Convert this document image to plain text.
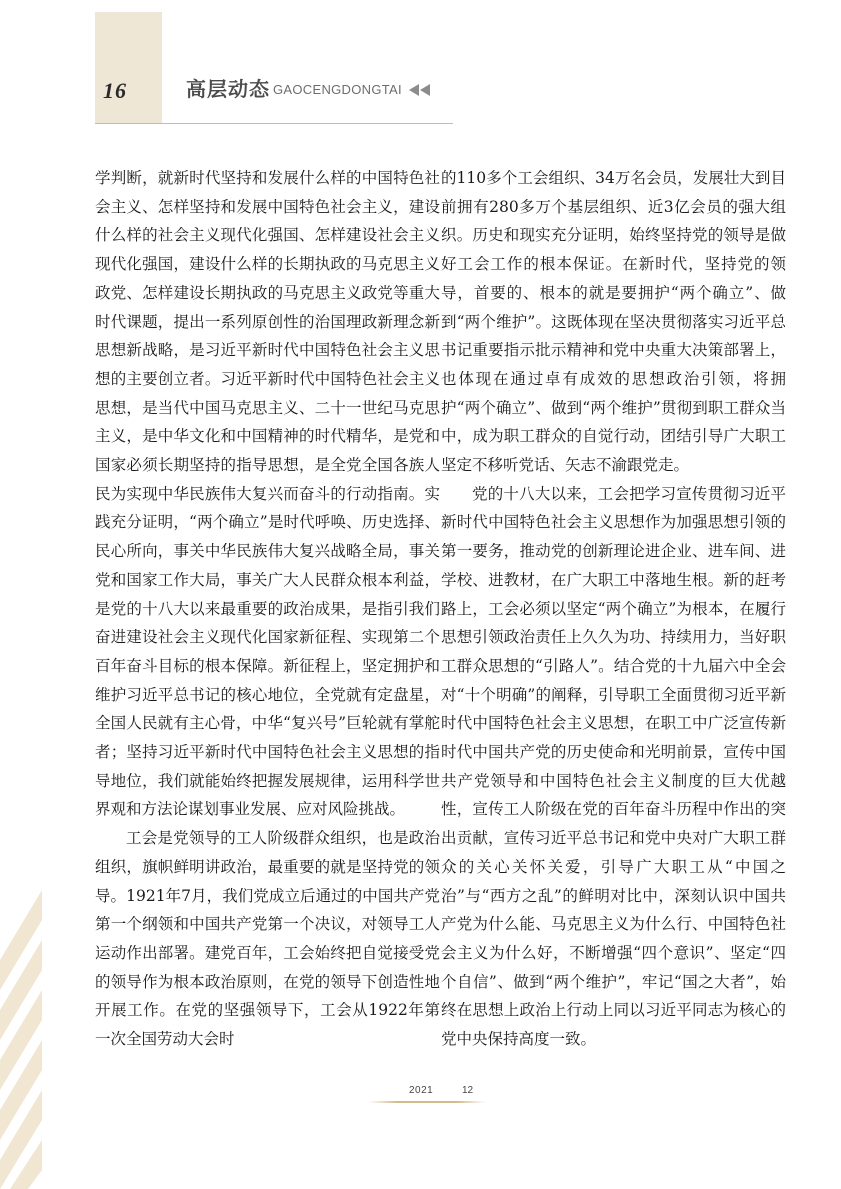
16	高层动态 GAOCENGDONGTAI

学判断，就新时代坚持和发展什么样的中国特色社会主义、怎样坚持和发展中国特色社会主义，建设什么样的社会主义现代化强国、怎样建设社会主义现代化强国，建设什么样的长期执政的马克思主义政党、怎样建设长期执政的马克思主义政党等重大时代课题，提出一系列原创性的治国理政新理念新思想新战略，是习近平新时代中国特色社会主义思想的主要创立者。习近平新时代中国特色社会主义思想，是当代中国马克思主义、二十一世纪马克思主义，是中华文化和中国精神的时代精华，是党和国家必须长期坚持的指导思想，是全党全国各族人民为实现中华民族伟大复兴而奋斗的行动指南。实践充分证明，“两个确立”是时代呼唤、历史选择、民心所向，事关中华民族伟大复兴战略全局，事关党和国家工作大局，事关广大人民群众根本利益，是党的十八大以来最重要的政治成果，是指引我们奋进建设社会主义现代化国家新征程、实现第二个百年奋斗目标的根本保障。新征程上，坚定拥护和维护习近平总书记的核心地位，全党就有定盘星，全国人民就有主心骨，中华“复兴号”巨轮就有掌舵者；坚持习近平新时代中国特色社会主义思想的指导地位，我们就能始终把握发展规律，运用科学世界观和方法论谋划事业发展、应对风险挑战。

工会是党领导的工人阶级群众组织，也是政治组织，旗帜鲜明讲政治，最重要的就是坚持党的领导。1921年7月，我们党成立后通过的中国共产党第一个纲领和中国共产党第一个决议，对领导工人运动作出部署。建党百年，工会始终把自觉接受党的领导作为根本政治原则，在党的领导下创造性地开展工作。在党的坚强领导下，工会从1922年第一次全国劳动大会时

的110多个工会组织、34万名会员，发展壮大到目前拥有280多万个基层组织、近3亿会员的强大组织。历史和现实充分证明，始终坚持党的领导是做好工会工作的根本保证。在新时代，坚持党的领导，首要的、根本的就是要拥护“两个确立”、做到“两个维护”。这既体现在坚决贯彻落实习近平总书记重要指示批示精神和党中央重大决策部署上，也体现在通过卓有成效的思想政治引领，将拥护“两个确立”、做到“两个维护”贯彻到职工群众当中，成为职工群众的自觉行动，团结引导广大职工坚定不移听党话、矢志不渝跟党走。

党的十八大以来，工会把学习宣传贯彻习近平新时代中国特色社会主义思想作为加强思想引领的第一要务，推动党的创新理论进企业、进车间、进学校、进教材，在广大职工中落地生根。新的赶考路上，工会必须以坚定“两个确立”为根本，在履行思想引领政治责任上久久为功、持续用力，当好职工群众思想的“引路人”。结合党的十九届六中全会对“十个明确”的阐释，引导职工全面贯彻习近平新时代中国特色社会主义思想，在职工中广泛宣传新时代中国共产党的历史使命和光明前景，宣传中国共产党领导和中国特色社会主义制度的巨大优越性，宣传工人阶级在党的百年奋斗历程中作出的突出贡献，宣传习近平总书记和党中央对广大职工群众的关心关怀关爱，引导广大职工从“中国之治”与“西方之乱”的鲜明对比中，深刻认识中国共产党为什么能、马克思主义为什么行、中国特色社会主义为什么好，不断增强“四个意识”、坚定“四个自信”、做到“两个维护”，牢记“国之大者”，始终在思想上政治上行动上同以习近平同志为核心的党中央保持高度一致。

2021	12
